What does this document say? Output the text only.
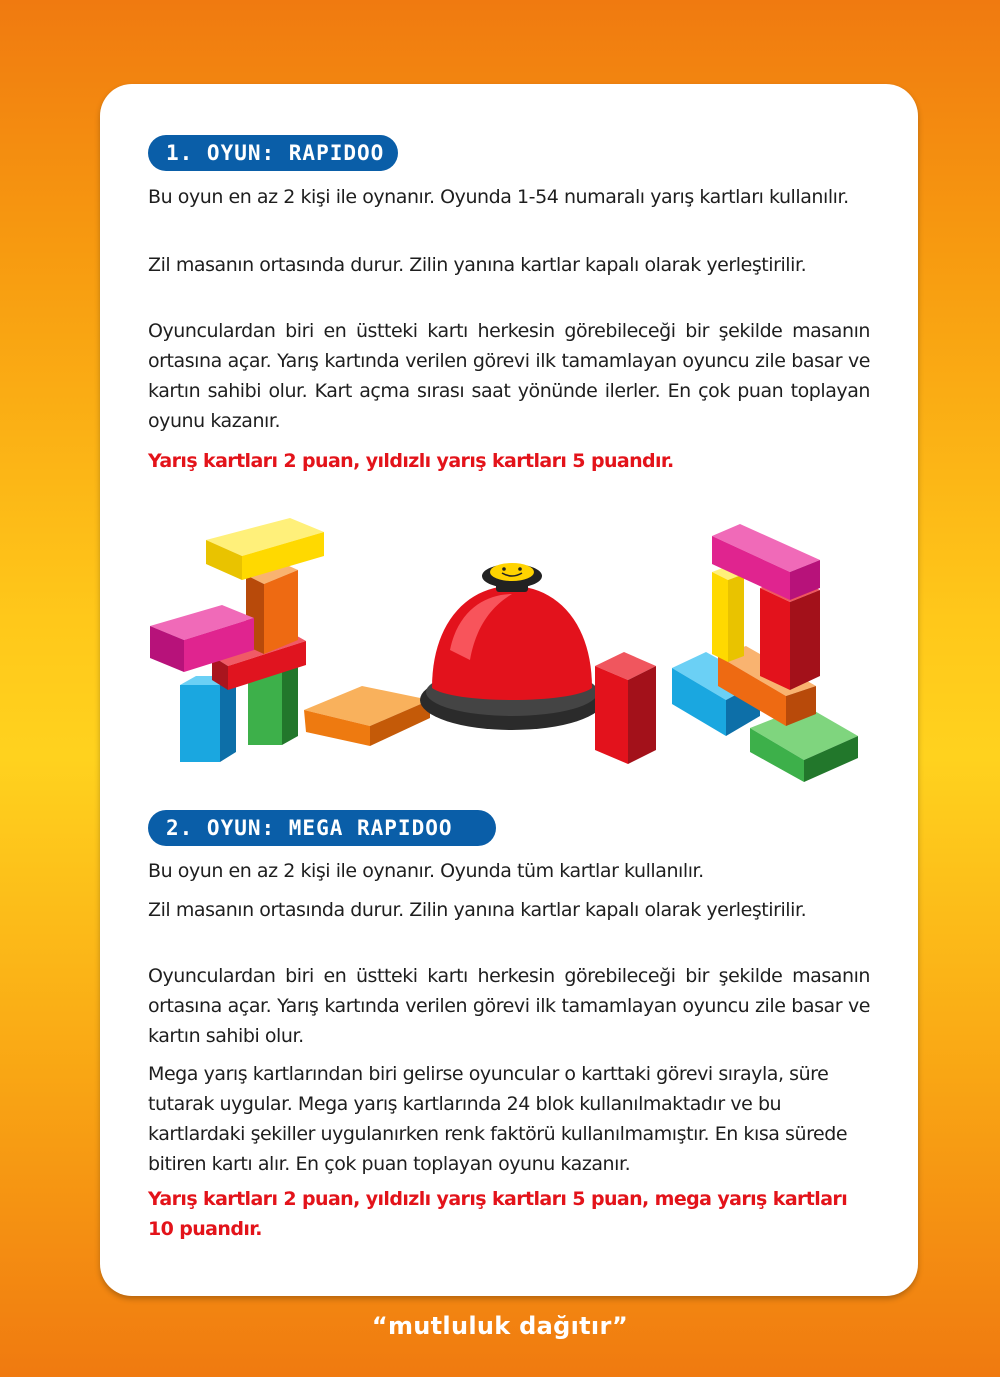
1. OYUN: RAPIDOO

Bu oyun en az 2 kişi ile oynanır. Oyunda 1-54 numaralı yarış kartları kullanılır.

Zil masanın ortasında durur. Zilin yanına kartlar kapalı olarak yerleştirilir.

Oyunculardan biri en üstteki kartı herkesin görebileceği bir şekilde masanın ortasına açar. Yarış kartında verilen görevi ilk tamamlayan oyuncu zile basar ve kartın sahibi olur. Kart açma sırası saat yönünde ilerler. En çok puan toplayan oyunu kazanır.

Yarış kartları 2 puan, yıldızlı yarış kartları 5 puandır.

2. OYUN: MEGA RAPIDOO

Bu oyun en az 2 kişi ile oynanır. Oyunda tüm kartlar kullanılır.

Zil masanın ortasında durur. Zilin yanına kartlar kapalı olarak yerleştirilir.

Oyunculardan biri en üstteki kartı herkesin görebileceği bir şekilde masanın ortasına açar. Yarış kartında verilen görevi ilk tamamlayan oyuncu zile basar ve kartın sahibi olur.

Mega yarış kartlarından biri gelirse oyuncular o karttaki görevi sırayla, süre tutarak uygular. Mega yarış kartlarında 24 blok kullanılmaktadır ve bu kartlardaki şekiller uygulanırken renk faktörü kullanılmamıştır. En kısa sürede bitiren kartı alır. En çok puan toplayan oyunu kazanır.

Yarış kartları 2 puan, yıldızlı yarış kartları 5 puan, mega yarış kartları 10 puandır.

“mutluluk dağıtır”
